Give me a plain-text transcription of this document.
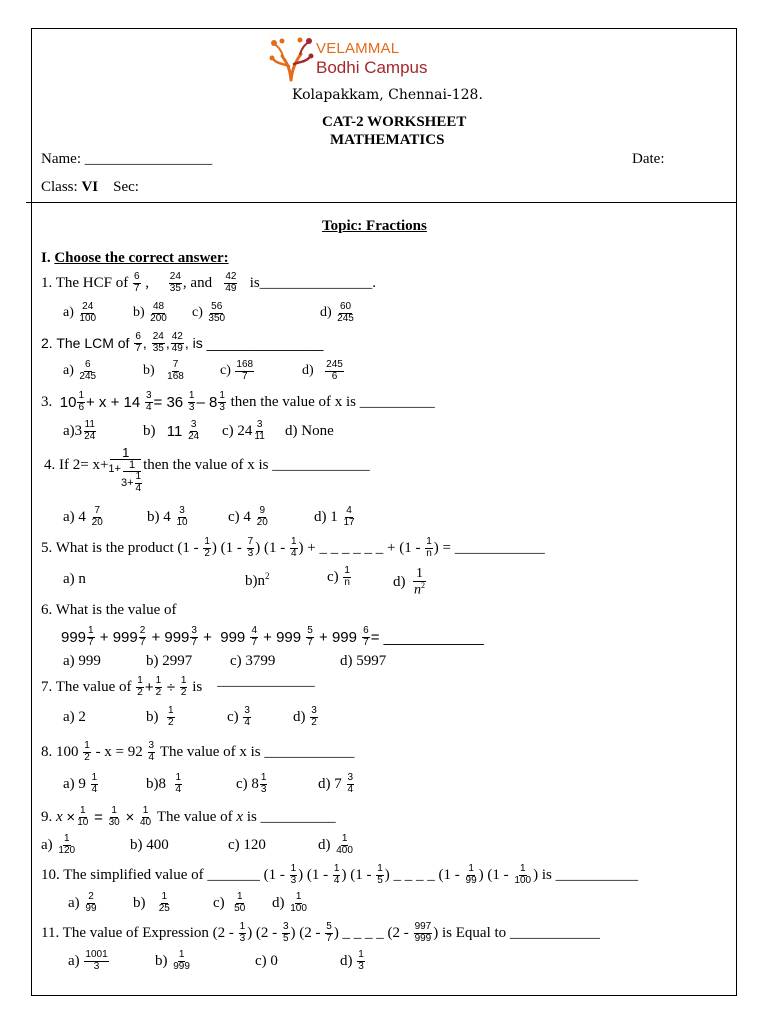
VELAMMAL
Bodhi Campus
Kolapakkam, Chennai-128.
CAT-2 WORKSHEET
MATHEMATICS
Name: _________________	Date:
Class: VI Sec:
Topic: Fractions
I. Choose the correct answer:
1. The HCF of
$\frac{6}{7}$ , $\frac{24}{35}$ , and
$\frac{42}{49}$
is_______________.
a)
$\frac{24}{100}$	b)
$\frac{48}{200} c$)
$\frac{56}{350}$	d)
$\frac{60}{245}$
2. The LCM of
$\frac{6}{7}$ , $\frac{24}{35}$ , $\frac{42}{49}$ , is _______________
$a) \frac{6}{245}$	$b) \frac{7}{168}$	$c) \frac{168}{7}$	$d) \frac{245}{6}$
3.
$10 \frac{1}{6} + x + 14$
$\frac{3}{4} = 36$
$\frac{1}{3} - 8 \frac{1}{3}$
then the value of x is __________
$a)3 \frac{11}{24}$	b)
11
$\frac{3}{24} c$) $24 \frac{3}{11} d$) None
4. If 2= x+
1
$1+ \frac{1}{3+ \frac{1}{4}}$ then the value of x is _____________
a) 4
$\frac{7}{20}$	b) 4
$\frac{3}{10}$	c) 4
$\frac{9}{20}$	d) 1
$\frac{4}{17}$
5. What is the product (1 -
$\frac{1}{2}$ ) (1 -
$\frac{7}{3}$ ) (1 -
$\frac{1}{4}$ ) + _ _ _ _ _ _ + (1 -
$\frac{1}{n}$ ) = ____________
a) n	$b)n^2$	c)
$\frac{1}{n}$	d)

1
$n^2$
6. What is the value of
$999 \frac{1}{7} + 999 \frac{2}{7} + 999 \frac{3}{7} + 999 \frac{4}{7} + 999 \frac{5}{7} + 999 \frac{6}{7}$ = ____________
a) 999	b) 2997	c) 3799	d) 5997
7. The value of
$\frac{1}{2} + \frac{1}{2}$
÷
$\frac{1}{2}$
is
_____________
a) 2	b)
$\frac{1}{2}$	c)
$\frac{3}{4}$	d)
$\frac{3}{2}$
8. 100
$\frac{1}{2}$
- x = 92
$\frac{3}{4}$
The value of x is ____________
a) 9
$\frac{1}{4}$	b)8
$\frac{1}{4}$	c) $8 \frac{1}{3}$	d) 7
$\frac{3}{4}$
9.
x
× $\frac{1}{10}$
=
$\frac{1}{30}$
×
$\frac{1}{40}$
The value of
x
is __________
a)
$\frac{1}{120}$	b) 400	c) 120	d)
$\frac{1}{400}$
10. The simplified value of _______ (1 -
$\frac{1}{3}$ ) (1 -
$\frac{1}{4}$ ) (1 -
$\frac{1}{5}$ ) _ _ _ _ (1 -
$\frac{1}{99}$ ) (1 -
$\frac{1}{100}$ ) is ___________
a)
$\frac{2}{99} b$)
$\frac{1}{25}$	c)
$\frac{1}{50} d$)
$\frac{1}{100}$
11. The value of Expression (2 -
$\frac{1}{3}$ ) (2 -
$\frac{3}{5}$ ) (2 -
$\frac{5}{7}$ ) _ _ _ _ (2 -
$\frac{997}{999}$ ) is Equal to ____________
a)
$\frac{1001}{3}$	b)
$\frac{1}{999}$	c) 0	d)
$\frac{1}{3}$
